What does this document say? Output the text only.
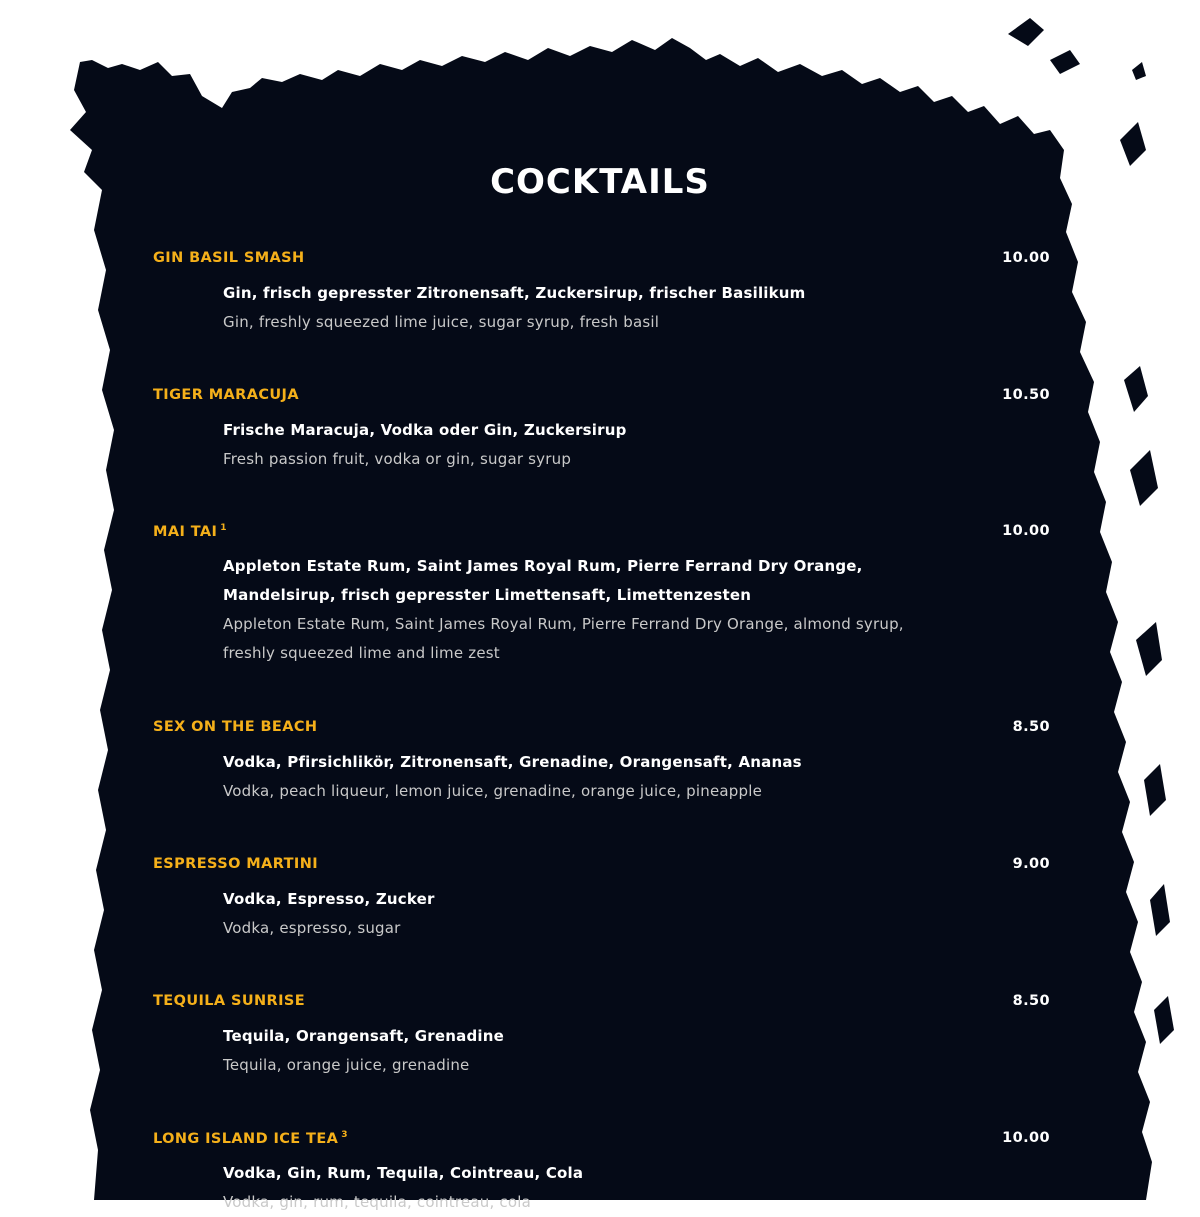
COCKTAILS
GIN BASIL SMASH	10.00
Gin, frisch gepresster Zitronensaft, Zuckersirup, frischer Basilikum
Gin, freshly squeezed lime juice, sugar syrup, fresh basil
TIGER MARACUJA	10.50
Frische Maracuja, Vodka oder Gin, Zuckersirup
Fresh passion fruit, vodka or gin, sugar syrup
MAI TAI $^1$	10.00
Appleton Estate Rum, Saint James Royal Rum, Pierre Ferrand Dry Orange, Mandelsirup, frisch gepresster Limettensaft, Limettenzesten
Appleton Estate Rum, Saint James Royal Rum, Pierre Ferrand Dry Orange, almond syrup, freshly squeezed lime and lime zest
SEX ON THE BEACH	8.50
Vodka, Pfirsichlikör, Zitronensaft, Grenadine, Orangensaft, Ananas
Vodka, peach liqueur, lemon juice, grenadine, orange juice, pineapple
ESPRESSO MARTINI	9.00
Vodka, Espresso, Zucker
Vodka, espresso, sugar
TEQUILA SUNRISE	8.50
Tequila, Orangensaft, Grenadine
Tequila, orange juice, grenadine
LONG ISLAND ICE TEA $^3$	10.00
Vodka, Gin, Rum, Tequila, Cointreau, Cola
Vodka, gin, rum, tequila, cointreau, cola
